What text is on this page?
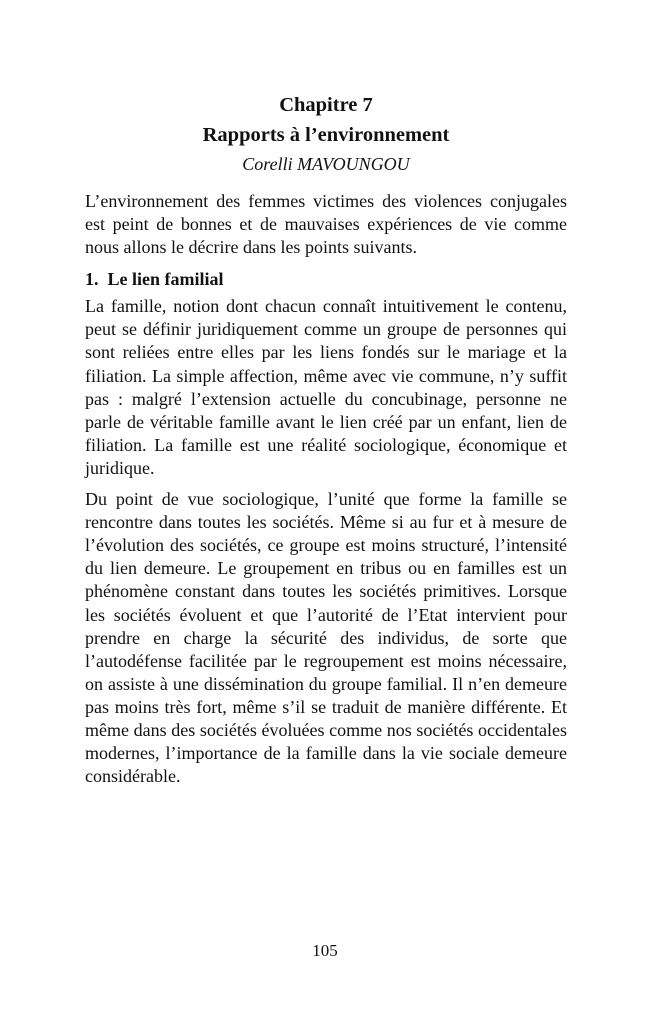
Chapitre 7
Rapports à l’environnement
Corelli MAVOUNGOU

L’environnement des femmes victimes des violences conjugales est peint de bonnes et de mauvaises expériences de vie comme nous allons le décrire dans les points suivants.

1.  Le lien familial

La famille, notion dont chacun connaît intuitivement le contenu, peut se définir juridiquement comme un groupe de personnes qui sont reliées entre elles par les liens fondés sur le mariage et la filiation. La simple affection, même avec vie commune, n’y suffit pas : malgré l’extension actuelle du concubinage, personne ne parle de véritable famille avant le lien créé par un enfant, lien de filiation. La famille est une réalité sociologique, économique et juridique.

Du point de vue sociologique, l’unité que forme la famille se rencontre dans toutes les sociétés. Même si au fur et à mesure de l’évolution des sociétés, ce groupe est moins structuré, l’intensité du lien demeure. Le groupement en tribus ou en familles est un phénomène constant dans toutes les sociétés primitives. Lorsque les sociétés évoluent et que l’autorité de l’Etat intervient pour prendre en charge la sécurité des individus, de sorte que l’autodéfense facilitée par le regroupement est moins nécessaire, on assiste à une dissémination du groupe familial. Il n’en demeure pas moins très fort, même s’il se traduit de manière différente. Et même dans des sociétés évoluées comme nos sociétés occidentales modernes, l’importance de la famille dans la vie sociale demeure considérable.

105
